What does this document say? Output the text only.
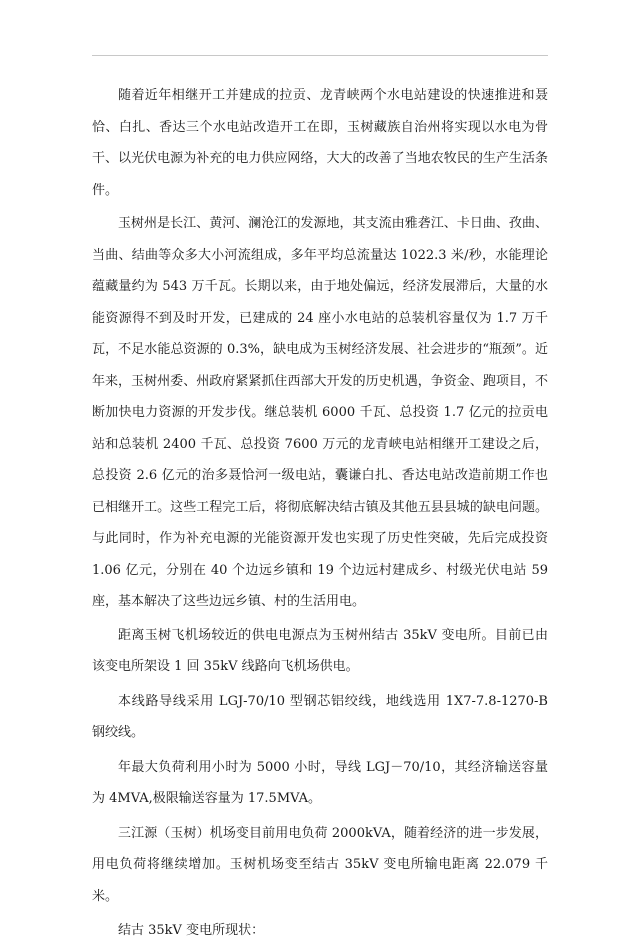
随着近年相继开工并建成的拉贡、龙青峡两个水电站建设的快速推进和聂恰、白扎、香达三个水电站改造开工在即，玉树藏族自治州将实现以水电为骨干、以光伏电源为补充的电力供应网络，大大的改善了当地农牧民的生产生活条件。

玉树州是长江、黄河、澜沧江的发源地，其支流由雅砻江、卡日曲、孜曲、当曲、结曲等众多大小河流组成，多年平均总流量达 1022.3 米/秒，水能理论蕴藏量约为 543 万千瓦。长期以来，由于地处偏远，经济发展滞后，大量的水能资源得不到及时开发，已建成的 24 座小水电站的总装机容量仅为 1.7 万千瓦，不足水能总资源的 0.3%，缺电成为玉树经济发展、社会进步的“瓶颈”。近年来，玉树州委、州政府紧紧抓住西部大开发的历史机遇，争资金、跑项目，不断加快电力资源的开发步伐。继总装机 6000 千瓦、总投资 1.7 亿元的拉贡电站和总装机 2400 千瓦、总投资 7600 万元的龙青峡电站相继开工建设之后，总投资 2.6 亿元的治多聂恰河一级电站，囊谦白扎、香达电站改造前期工作也已相继开工。这些工程完工后，将彻底解决结古镇及其他五县县城的缺电问题。与此同时，作为补充电源的光能资源开发也实现了历史性突破，先后完成投资 1.06 亿元，分别在 40 个边远乡镇和 19 个边远村建成乡、村级光伏电站 59 座，基本解决了这些边远乡镇、村的生活用电。

距离玉树飞机场较近的供电电源点为玉树州结古 35kV 变电所。目前已由该变电所架设 1 回 35kV 线路向飞机场供电。

本线路导线采用 LGJ-70/10 型钢芯铝绞线，地线选用 1X7-7.8-1270-B 钢绞线。

年最大负荷利用小时为 5000 小时，导线 LGJ－70/10，其经济输送容量为 4MVA,极限输送容量为 17.5MVA。

三江源（玉树）机场变目前用电负荷 2000kVA，随着经济的进一步发展，用电负荷将继续增加。玉树机场变至结古 35kV 变电所输电距离 22.079 千米。

结古 35kV 变电所现状：
